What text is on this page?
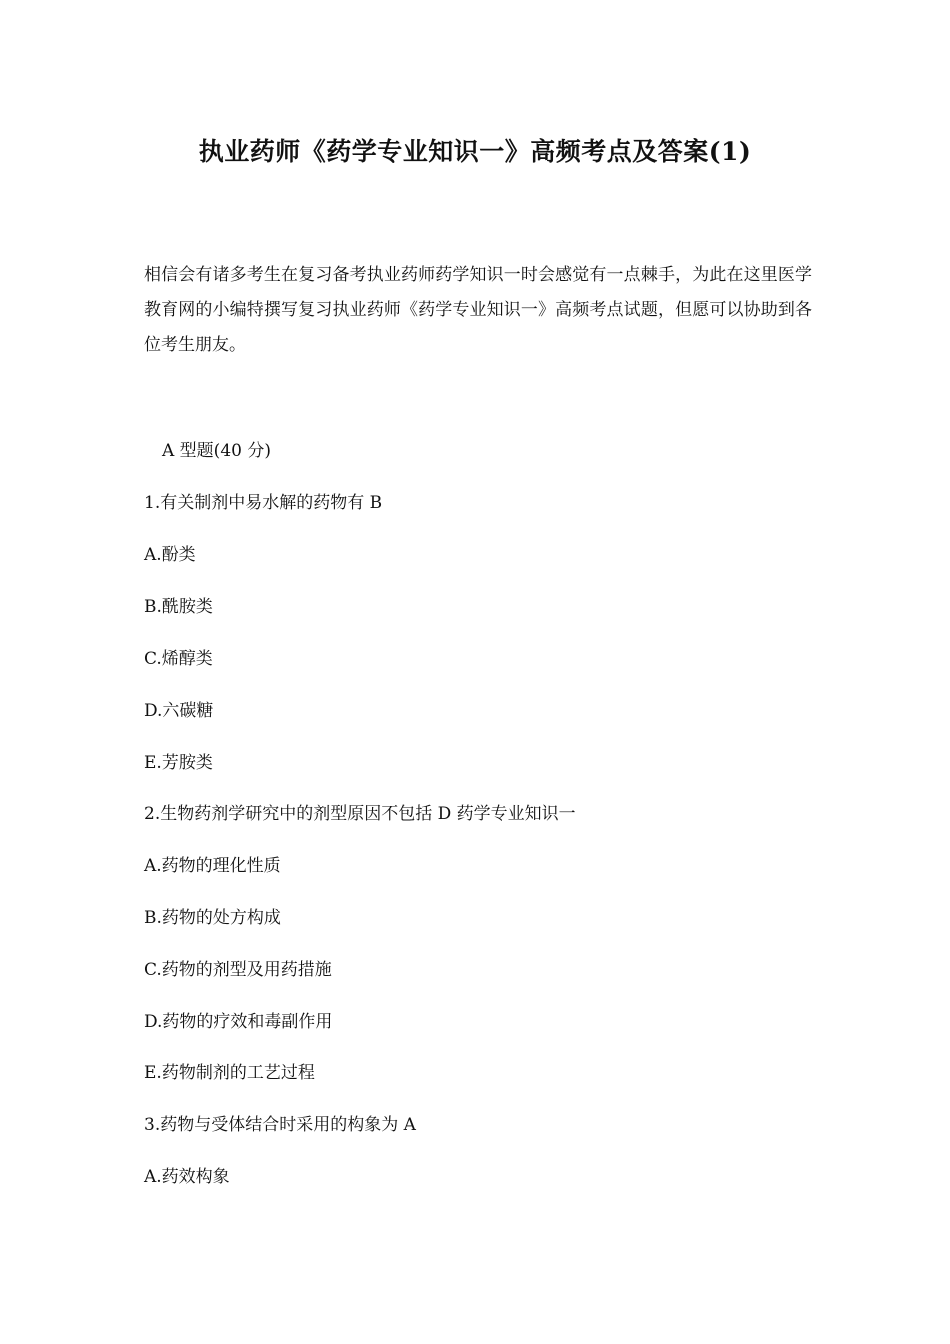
执业药师《药学专业知识一》高频考点及答案(1)

相信会有诸多考生在复习备考执业药师药学知识一时会感觉有一点棘手，为此在这里医学教育网的小编特撰写复习执业药师《药学专业知识一》高频考点试题，但愿可以协助到各位考生朋友。

A 型题(40 分)

1.有关制剂中易水解的药物有 B

A.酚类

B.酰胺类

C.烯醇类

D.六碳糖

E.芳胺类

2.生物药剂学研究中的剂型原因不包括 D 药学专业知识一

A.药物的理化性质

B.药物的处方构成

C.药物的剂型及用药措施

D.药物的疗效和毒副作用

E.药物制剂的工艺过程

3.药物与受体结合时采用的构象为 A

A.药效构象
